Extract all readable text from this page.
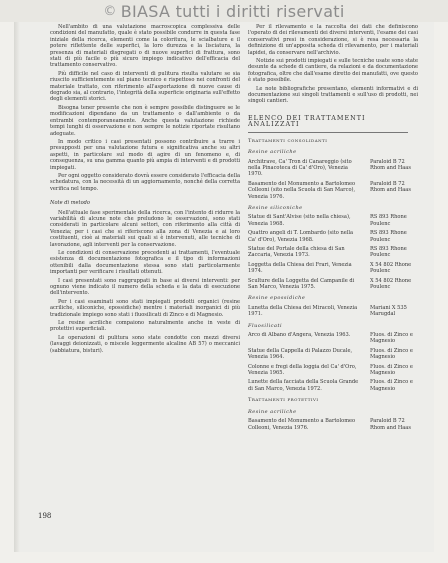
© BIASA tutti i diritti riservati

Nell'ambito di una valutazione macroscopica complessiva delle condizioni del manufatto, quale è stato possibile condurre in questa fase iniziale della ricerca, elementi come la coloritura, le scialbature e il potere riflettente delle superfici, la loro durezza e la lisciatura, la presenza di materiali disgregati o di nuove superfici di frattura, sono stati di più facile o più sicuro impiego indicativo dell'efficacia del trattamento conservativo.

Più difficile nel caso di interventi di pulitura risulta valutare se sia riuscito sufficientemente sul piano tecnico e rispettoso nei confronti del materiale trattato, con riferimento all'asportazione di nuove cause di degrado sia, al contrario, l'integrità della superficie originaria sull'effetto degli elementi storici.

Bisogna tener presente che non è sempre possibile distinguere se le modificazioni dipendano da un trattamento o dall'ambiente o da entrambi contemporaneamente. Anche questa valutazione richiede tempi lunghi di osservazione e non sempre le notizie riportate risultano adeguate.

In modo critico i casi presentati possono contribuire a trarre i presupposti per una valutazione futura e significativa anche su altri aspetti, in particolare sul modo di agire di un fenomeno e, di conseguenza, su una gamma quanto più ampia di interventi e di prodotti impiegati.

Per ogni oggetto considerato dovrà essere considerato l'efficacia della schedatura, con la necessità di un aggiornamento, nonché della corretta verifica nel tempo.

Note di metodo

Nell'attuale fase sperimentale della ricerca, con l'intento di ridurre la variabilità di alcune note che preludono le osservazioni, sono stati considerati in particolare alcuni settori, con riferimento alla città di Venezia; per i casi che si riferiscono alla zona di Venezia e ai loro costituenti, cioè ai materiali sui quali si è intervenuti, alle tecniche di lavorazione, agli interventi per la conservazione.

Le condizioni di conservazione precedenti ai trattamenti, l'eventuale esistenza di documentazione fotografica e il tipo di informazioni ottenibili dalla documentazione stessa sono stati particolarmente importanti per verificare i risultati ottenuti.

I casi presentati sono raggruppati in base ai diversi interventi: per ognuno viene indicato il numero della scheda e la data di esecuzione dell'intervento.

Per i casi esaminati sono stati impiegati prodotti organici (resine acriliche, siliconiche, epossidiche) mentre i materiali inorganici di più tradizionale impiego sono stati i fluosilicati di Zinco e di Magnesio.

Le resine acriliche compaiono naturalmente anche in veste di protettivi superficiali.

Le operazioni di pulitura sono state condotte con mezzi diversi (lavaggi deionizzati, o miscele leggermente alcaline AB 57) o meccanici (sabbiatura, bisturi).

Per il rilevamento e la raccolta dei dati che definiscono l'operato di dei rilevamenti dei diversi interventi, l'esame dei casi conservativi presi in considerazione, si è resa necessaria la definizione di un'apposita scheda di rilevamento, per i materiali lapidei, da conservare nell'archivio.

Notizie sui prodotti impiegati e sulle tecniche usate sono state desunte da schede di cantiere, da relazioni e da documentazione fotografica, oltre che dall'esame diretto dei manufatti, ove questo è stato possibile.

Le note bibliografiche presentano, elementi informativi e di documentazione sui singoli trattamenti e sull'uso di prodotti, nei singoli cantieri.

ELENCO DEI TRATTAMENTI ANALIZZATI
Trattamenti consolidanti
Resine acriliche
Architrave, Ca' Tron di Canareggio (sito nella Pinacoteca di Ca' d'Oro), Venezia 1970.
Paraloid B 72 Rhom and Haas
Basamento del Monumento a Bartolomeo Colleoni (sito nella Scuola di San Marco), Venezia 1976.
Paraloid B 72 Rhom and Haas
Resine siliconiche
Statue di Sant'Alvise (sito nella chiesa), Venezia 1968.
RS 893 Rhone Poulenc
Quattro angeli di T. Lombardo (sito nella Ca' d'Oro), Venezia 1968.
RS 893 Rhone Poulenc
Statue del Portale della chiesa di San Zaccaria, Venezia 1973.
RS 893 Rhone Poulenc
Loggetta della Chiesa dei Frari, Venezia 1974.
X 54 802 Rhone Poulenc
Sculture della Loggetta del Campanile di San Marco, Venezia 1975.
X 54 802 Rhone Poulenc
Resine epossidiche
Lunetta della Chiesa dei Miracoli, Venezia 1971.
Mariani X 535 Marugdal
Fluosilicati
Arco di Albano d'Angera, Venezia 1963.	Fluos. di Zinco e Magnesio
Statue della Cappella di Palazzo Ducale, Venezia 1964.
Fluos. di Zinco e Magnesio
Colonne e fregi della loggia del Ca' d'Oro, Venezia 1965.
Fluos. di Zinco e Magnesio
Lunette della facciata della Scuola Grande di San Marco, Venezia 1972.
Fluos. di Zinco e Magnesio
Trattamenti protettivi
Resine acriliche
Basamento del Monumento a Bartolomeo Colleoni, Venezia 1976.
Paraloid B 72 Rhom and Haas
198
